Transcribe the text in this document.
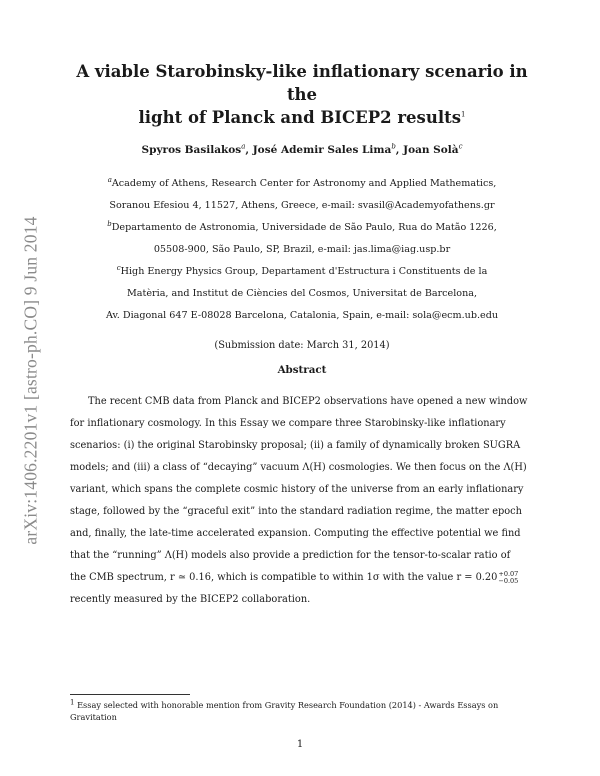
arXiv:1406.2201v1 [astro-ph.CO] 9 Jun 2014
A viable Starobinsky-like inflationary scenario in the
light of Planck and BICEP2 results$^1$
Spyros Basilakos$^a$, José Ademir Sales Lima$^b$, Joan Solà$^c$
$^a$Academy of Athens, Research Center for Astronomy and Applied Mathematics,
Soranou Efesiou 4, 11527, Athens, Greece, e-mail: svasil@Academyofathens.gr
$^b$Departamento de Astronomia, Universidade de São Paulo, Rua do Matão 1226,
05508-900, São Paulo, SP, Brazil, e-mail: jas.lima@iag.usp.br
$^c$High Energy Physics Group, Departament d'Estructura i Constituents de la
Matèria, and Institut de Ciències del Cosmos, Universitat de Barcelona,
Av. Diagonal 647 E-08028 Barcelona, Catalonia, Spain, e-mail: sola@ecm.ub.edu
(Submission date: March 31, 2014)
Abstract
The recent CMB data from Planck and BICEP2 observations have opened a new window
for inflationary cosmology. In this Essay we compare three Starobinsky-like inflationary
scenarios: (i) the original Starobinsky proposal; (ii) a family of dynamically broken SUGRA
models; and (iii) a class of “decaying” vacuum Λ(H) cosmologies. We then focus on the Λ(H)
variant, which spans the complete cosmic history of the universe from an early inflationary
stage, followed by the “graceful exit” into the standard radiation regime, the matter epoch
and, finally, the late-time accelerated expansion. Computing the effective potential we find
that the “running” Λ(H) models also provide a prediction for the tensor-to-scalar ratio of
the CMB spectrum, r ≃ 0.16, which is compatible to within 1σ with the value r = 0.20 +0.07
−0.05
recently measured by the BICEP2 collaboration.
$^1$ Essay selected with honorable mention from Gravity Research Foundation (2014) - Awards Essays on Gravitation
1
